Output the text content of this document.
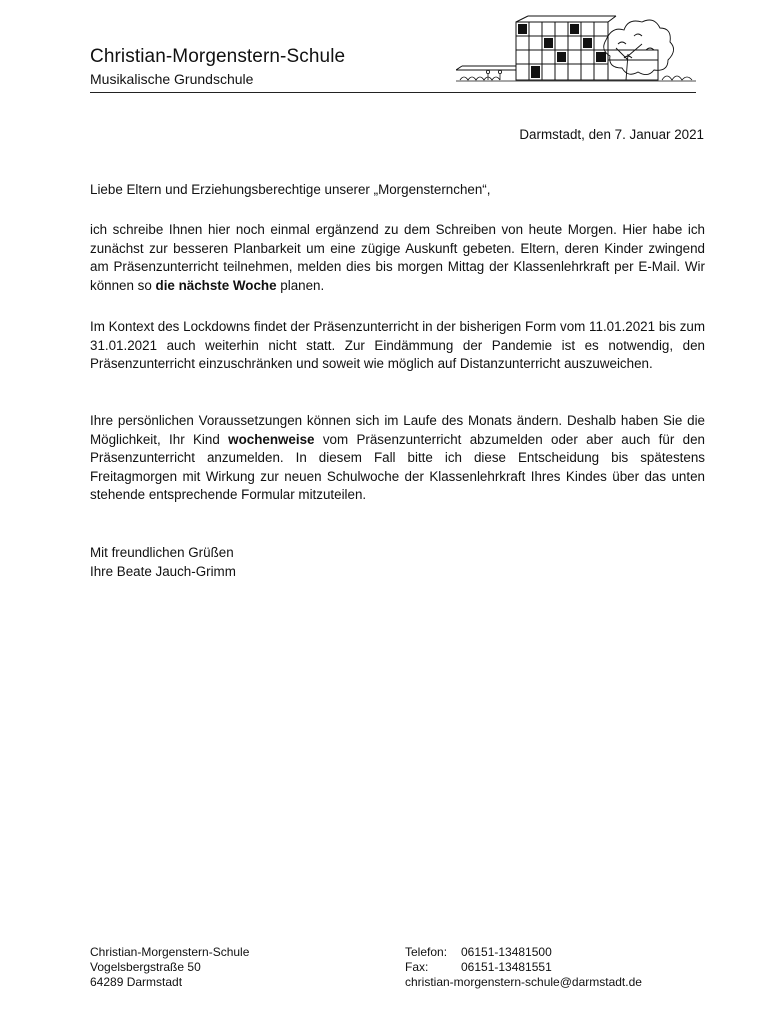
Christian-Morgenstern-Schule
Musikalische Grundschule
Darmstadt, den 7. Januar 2021
Liebe Eltern und Erziehungsberechtige unserer „Morgensternchen“,

ich schreibe Ihnen hier noch einmal ergänzend zu dem Schreiben von heute Morgen. Hier habe ich zunächst zur besseren Planbarkeit um eine zügige Auskunft gebeten. Eltern, deren Kinder zwingend am Präsenzunterricht teilnehmen, melden dies bis morgen Mittag der Klassenlehrkraft per E-Mail. Wir können so die nächste Woche planen.

Im Kontext des Lockdowns findet der Präsenzunterricht in der bisherigen Form vom 11.01.2021 bis zum 31.01.2021 auch weiterhin nicht statt. Zur Eindämmung der Pandemie ist es notwendig, den Präsenzunterricht einzuschränken und soweit wie möglich auf Distanzunterricht auszuweichen.

Ihre persönlichen Voraussetzungen können sich im Laufe des Monats ändern. Deshalb haben Sie die Möglichkeit, Ihr Kind wochenweise vom Präsenzunterricht abzumelden oder aber auch für den Präsenzunterricht anzumelden. In diesem Fall bitte ich diese Entscheidung bis spätestens Freitagmorgen mit Wirkung zur neuen Schulwoche der Klassenlehrkraft Ihres Kindes über das unten stehende entsprechende Formular mitzuteilen.

Mit freundlichen Grüßen
Ihre Beate Jauch-Grimm
Christian-Morgenstern-Schule
Vogelsbergstraße 50
64289 Darmstadt
Telefon:	06151-13481500
Fax:	06151-13481551
christian-morgenstern-schule@darmstadt.de
